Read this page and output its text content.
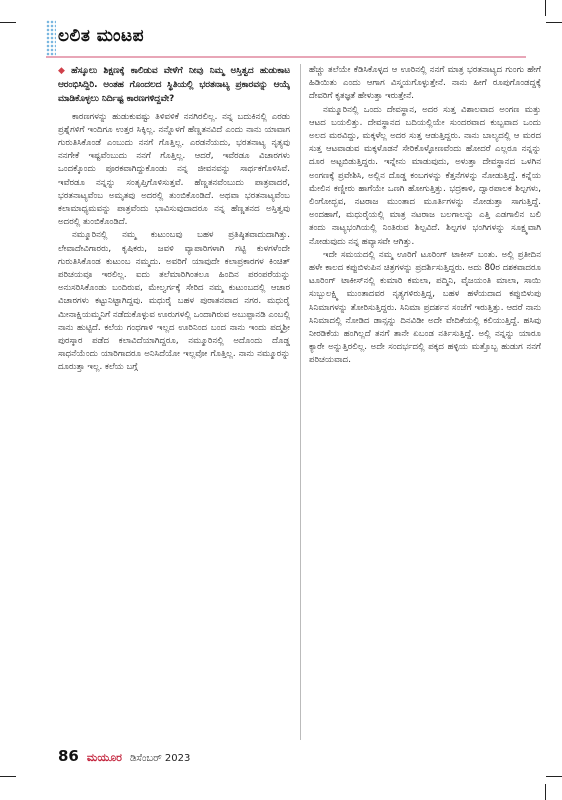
ಲಲಿತ ಮಂಟಪ

◆ ಹೆಸ್ಕೂಲು ಶಿಕ್ಷಣಕ್ಕೆ ಕಾಲಿಡುವ ವೇಳೆಗೆ ನೀವು ನಿಮ್ಮ ಅಸ್ತಿತ್ವದ ಹುಡುಕಾಟ ಆರಂಭಿಸಿದ್ದಿರಿ. ಅಂತಹ ಗೊಂದಲದ ಸ್ಥಿತಿಯಲ್ಲಿ ಭರತನಾಟ್ಯ ಪ್ರಕಾರವನ್ನು ಆಯ್ಕೆ ಮಾಡಿಕೊಳ್ಳಲು ನಿರ್ದಿಷ್ಟ ಕಾರಣಗಳಿದ್ದವೇ?

ಕಾರಣಗಳನ್ನು ಹುಡುಕುವಷ್ಟು ತಿಳಿವಳಿಕೆ ನನಗಿರಲಿಲ್ಲ. ನನ್ನ ಬದುಕಿನಲ್ಲಿ ಎರಡು ಪ್ರಶ್ನೆಗಳಿಗೆ ಇಂದಿಗೂ ಉತ್ತರ ಸಿಕ್ಕಿಲ್ಲ. ನನ್ನೊಳಗೆ ಹೆಣ್ಣತನವಿದೆ ಎಂದು ನಾನು ಯಾವಾಗ ಗುರುತಿಸಿಕೊಂಡೆ ಎಂಬುದು ನನಗೆ ಗೊತ್ತಿಲ್ಲ. ಎರಡನೆಯದು, ಭರತನಾಟ್ಯ ನೃತ್ಯವು ನನಗೇಕೆ ಇಷ್ಟವೆಂಬುದು ನನಗೆ ಗೊತ್ತಿಲ್ಲ. ಆದರೆ, ಇವೆರಡೂ ವಿಚಾರಗಳು ಒಂದಕ್ಕೊಂದು ಪೂರಕವಾಗಿದ್ದುಕೊಂಡು ನನ್ನ ಜೀವನವನ್ನು ಸಾರ್ಥಕಗೊಳಿಸಿವೆ. ಇವೆರಡೂ ನನ್ನನ್ನು ಸಂತೃಪ್ತಿಗೊಳಿಸುತ್ತವೆ. ಹೆಣ್ಣತನವೆಂಬುದು ಪಾತ್ರವಾದರೆ, ಭರತನಾಟ್ಯವೆಂಬ ಅಮೃತವು ಅದರಲ್ಲಿ ತುಂಬಿಕೊಂಡಿದೆ. ಅಥವಾ ಭರತನಾಟ್ಯವೆಂಬ ಕಲಾಮಾಧ್ಯಮವನ್ನು ಪಾತ್ರವೆಂದು ಭಾವಿಸುವುದಾದರೂ ನನ್ನ ಹೆಣ್ಣತನದ ಅಸ್ತಿತ್ವವು ಅದರಲ್ಲಿ ತುಂಬಿಕೊಂಡಿದೆ.

ನಮ್ಮೂರಿನಲ್ಲಿ ನಮ್ಮ ಕುಟುಂಬವು ಬಹಳ ಪ್ರತಿಷ್ಠಿತವಾದುದಾಗಿತ್ತು. ಲೇವಾದೇವಿಗಾರರು, ಕೃಷಿಕರು, ಜವಳಿ ವ್ಯಾಪಾರಿಗಳಾಗಿ ಗಟ್ಟಿ ಕುಳಗಳೆಂದೇ ಗುರುತಿಸಿಕೊಂಡ ಕುಟುಂಬ ನಮ್ಮದು. ಅವರಿಗೆ ಯಾವುದೇ ಕಲಾಪ್ರಕಾರಗಳ ಕಿಂಚಿತ್ ಪರಿಚಯವೂ ಇರಲಿಲ್ಲ. ಐದು ತಲೆಮಾರಿಗಿಂತಲೂ ಹಿಂದಿನ ಪರಂಪರೆಯನ್ನು ಅನುಸರಿಸಿಕೊಂಡು ಬಂದಿರುವ, ಮೇಲ್ವರ್ಗಕ್ಕೆ ಸೇರಿದ ನಮ್ಮ ಕುಟುಂಬದಲ್ಲಿ ಆಚಾರ ವಿಚಾರಗಳು ಕಟ್ಟುನಿಟ್ಟಾಗಿದ್ದವು. ಮಧುರೈ ಬಹಳ ಪುರಾತನವಾದ ನಗರ. ಮಧುರೈ ಮೀನಾಕ್ಷಿಯಮ್ಮನಿಗೆ ನಡೆದುಕೊಳ್ಳುವ ಊರುಗಳಲ್ಲಿ ಒಂದಾಗಿರುವ ಅಬುಪ್ಪಾನಡಿ ಎಂಬಲ್ಲಿ ನಾನು ಹುಟ್ಟಿದೆ. ಕಲೆಯ ಗಂಧಗಾಳಿ ಇಲ್ಲದ ಊರಿನಿಂದ ಬಂದ ನಾನು ಇಂದು ಪದ್ಮಶ್ರೀ ಪುರಸ್ಕಾರ ಪಡೆದ ಕಲಾವಿದೆಯಾಗಿದ್ದರೂ, ನಮ್ಮೂರಿನಲ್ಲಿ ಅದೊಂದು ದೊಡ್ಡ ಸಾಧನೆಯೆಂದು ಯಾರಿಗಾದರೂ ಅನಿಸಿದೆಯೋ ಇಲ್ಲವೋ ಗೊತ್ತಿಲ್ಲ. ನಾನು ನಮ್ಮೂರನ್ನು ದೂರುತ್ತಾ ಇಲ್ಲ. ಕಲೆಯ ಬಗ್ಗೆ

ಹೆಚ್ಚು ತಲೆಯೇ ಕೆಡಿಸಿಕೊಳ್ಳದ ಆ ಊರಿನಲ್ಲಿ ನನಗೆ ಮಾತ್ರ ಭರತನಾಟ್ಯದ ಗುಂಗು ಹೇಗೆ ಹಿಡಿಯಿತು ಎಂದು ಆಗಾಗ ವಿಸ್ಮಯಗೊಳ್ಳುತ್ತೇನೆ. ನಾನು ಹೀಗೆ ರೂಪುಗೊಂಡದ್ದಕ್ಕೆ ದೇವರಿಗೆ ಕೃತಜ್ಞತೆ ಹೇಳುತ್ತಾ ಇರುತ್ತೇನೆ.

ನಮ್ಮೂರಿನಲ್ಲಿ ಒಂದು ದೇವಸ್ಥಾನ, ಅದರ ಸುತ್ತ ವಿಶಾಲವಾದ ಅಂಗಣ ಮತ್ತು ಆಟದ ಬಯಲಿತ್ತು. ದೇವಸ್ಥಾನದ ಬದಿಯಲ್ಲಿಯೇ ಸುಂದರವಾದ ಕುಬ್ಬವಾದ ಒಂದು ಅಲದ ಮರವಿದ್ದು, ಮಕ್ಕಳೆಲ್ಲ ಅದರ ಸುತ್ತ ಆಡುತ್ತಿದ್ದರು. ನಾನು ಬಾಲ್ಯದಲ್ಲಿ ಆ ಮರದ ಸುತ್ತ ಆಟವಾಡುವ ಮಕ್ಕಳೊಡನೆ ಸೇರಿಕೊಳ್ಳೋಣವೆಂದು ಹೋದರೆ ಎಲ್ಲರೂ ನನ್ನನ್ನು ದೂರ ಅಟ್ಟಬಿಡುತ್ತಿದ್ದರು. ಇನ್ನೇನು ಮಾಡುವುದು, ಅಳುತ್ತಾ ದೇವಸ್ಥಾನದ ಒಳಗಿನ ಅಂಗಣಕ್ಕೆ ಪ್ರವೇಶಿಸಿ, ಅಲ್ಲಿನ ದೊಡ್ಡ ಕಂಬಗಳನ್ನು ಕೆತ್ತನೆಗಳನ್ನು ನೋಡುತ್ತಿದ್ದೆ. ಕನ್ನೆಯ ಮೇಲಿನ ಕಣ್ಣೀರು ಹಾಗೆಯೇ ಒಣಗಿ ಹೋಗುತ್ತಿತ್ತು. ಭದ್ರಕಾಳಿ, ದ್ವಾರಪಾಲಕ ಶಿಲ್ಪಗಳು, ಲಿಂಗೋದ್ಭವ, ನಟರಾಜ ಮುಂತಾದ ಮೂರ್ತಿಗಳನ್ನು ನೋಡುತ್ತಾ ಸಾಗುತ್ತಿದ್ದೆ. ಅಂದಹಾಗೆ, ಮಧುರೈಯಲ್ಲಿ ಮಾತ್ರ ನಟರಾಜ ಬಲಗಾಲನ್ನು ಎತ್ತಿ ಎಡಗಾಲಿನ ಬಲಿ ತಂದು ನಾಟ್ಯಭಂಗಿಯಲ್ಲಿ ನಿಂತಿರುವ ಶಿಲ್ಪವಿದೆ. ಶಿಲ್ಪಗಳ ಭಂಗಿಗಳನ್ನು ಸೂಕ್ಷ್ಮವಾಗಿ ನೋಡುವುದು ನನ್ನ ಹವ್ಯಾಸವೇ ಆಗಿತ್ತು.

ಇದೇ ಸಮಯದಲ್ಲಿ ನಮ್ಮ ಊರಿಗೆ ಟೂರಿಂಗ್ ಟಾಕೀಸ್ ಬಂತು. ಅಲ್ಲಿ ಪ್ರತೀದಿನ ಹಳೇ ಕಾಲದ ಕಪ್ಪುಬಿಳುಪಿನ ಚಿತ್ರಗಳನ್ನು ಪ್ರದರ್ಶಿಸುತ್ತಿದ್ದರು. ಅದು 80ರ ದಶಕವಾದರೂ ಟೂರಿಂಗ್ ಟಾಕೀಸ್‌ನಲ್ಲಿ ಕುಮಾರಿ ಕಮಲಾ, ಪದ್ಮಿನಿ, ವೈಜಯಂತಿ ಮಾಲಾ, ಸಾಯಿ ಸುಬ್ಬುಲಕ್ಷ್ಮಿ ಮುಂತಾದವರ ನೃತ್ಯಗಳಿರುತ್ತಿದ್ದ, ಬಹಳ ಹಳೆಯದಾದ ಕಪ್ಪುಬಿಳುಪು ಸಿನಿಮಾಗಳನ್ನು ತೋರಿಸುತ್ತಿದ್ದರು. ಸಿನಿಮಾ ಪ್ರದರ್ಶನ ಸಂಜೆಗೆ ಇರುತ್ತಿತ್ತು. ಆದರೆ ನಾನು ಸಿನಿಮಾದಲ್ಲಿ ನೋಡಿದ ಡಾನ್ಸನ್ನು ದಿನವಿಡೀ ಅದೇ ವೇದಿಕೆಯಲ್ಲಿ ಕಲಿಯುತ್ತಿದ್ದೆ. ಹಸಿವು ನೀರಡಿಕೆಯ ಹಂಗಿಲ್ಲದೆ ತನಗೆ ತಾನೇ ಏಬಂಡ ನರ್ತಿಸುತ್ತಿದ್ದೆ. ಅಲ್ಲಿ ನನ್ನನ್ನು ಯಾರೂ ಕ್ಯಾರೇ ಅನ್ನುತ್ತಿರಲಿಲ್ಲ. ಅದೇ ಸಂದರ್ಭದಲ್ಲಿ ಪಕ್ಕದ ಹಳ್ಳಿಯ ಮತ್ತೊಬ್ಬ ಹುಡುಗ ನನಗೆ ಪರಿಚಯವಾದ.

86 ಮಯೂರ ಡಿಸೆಂಬರ್ 2023
